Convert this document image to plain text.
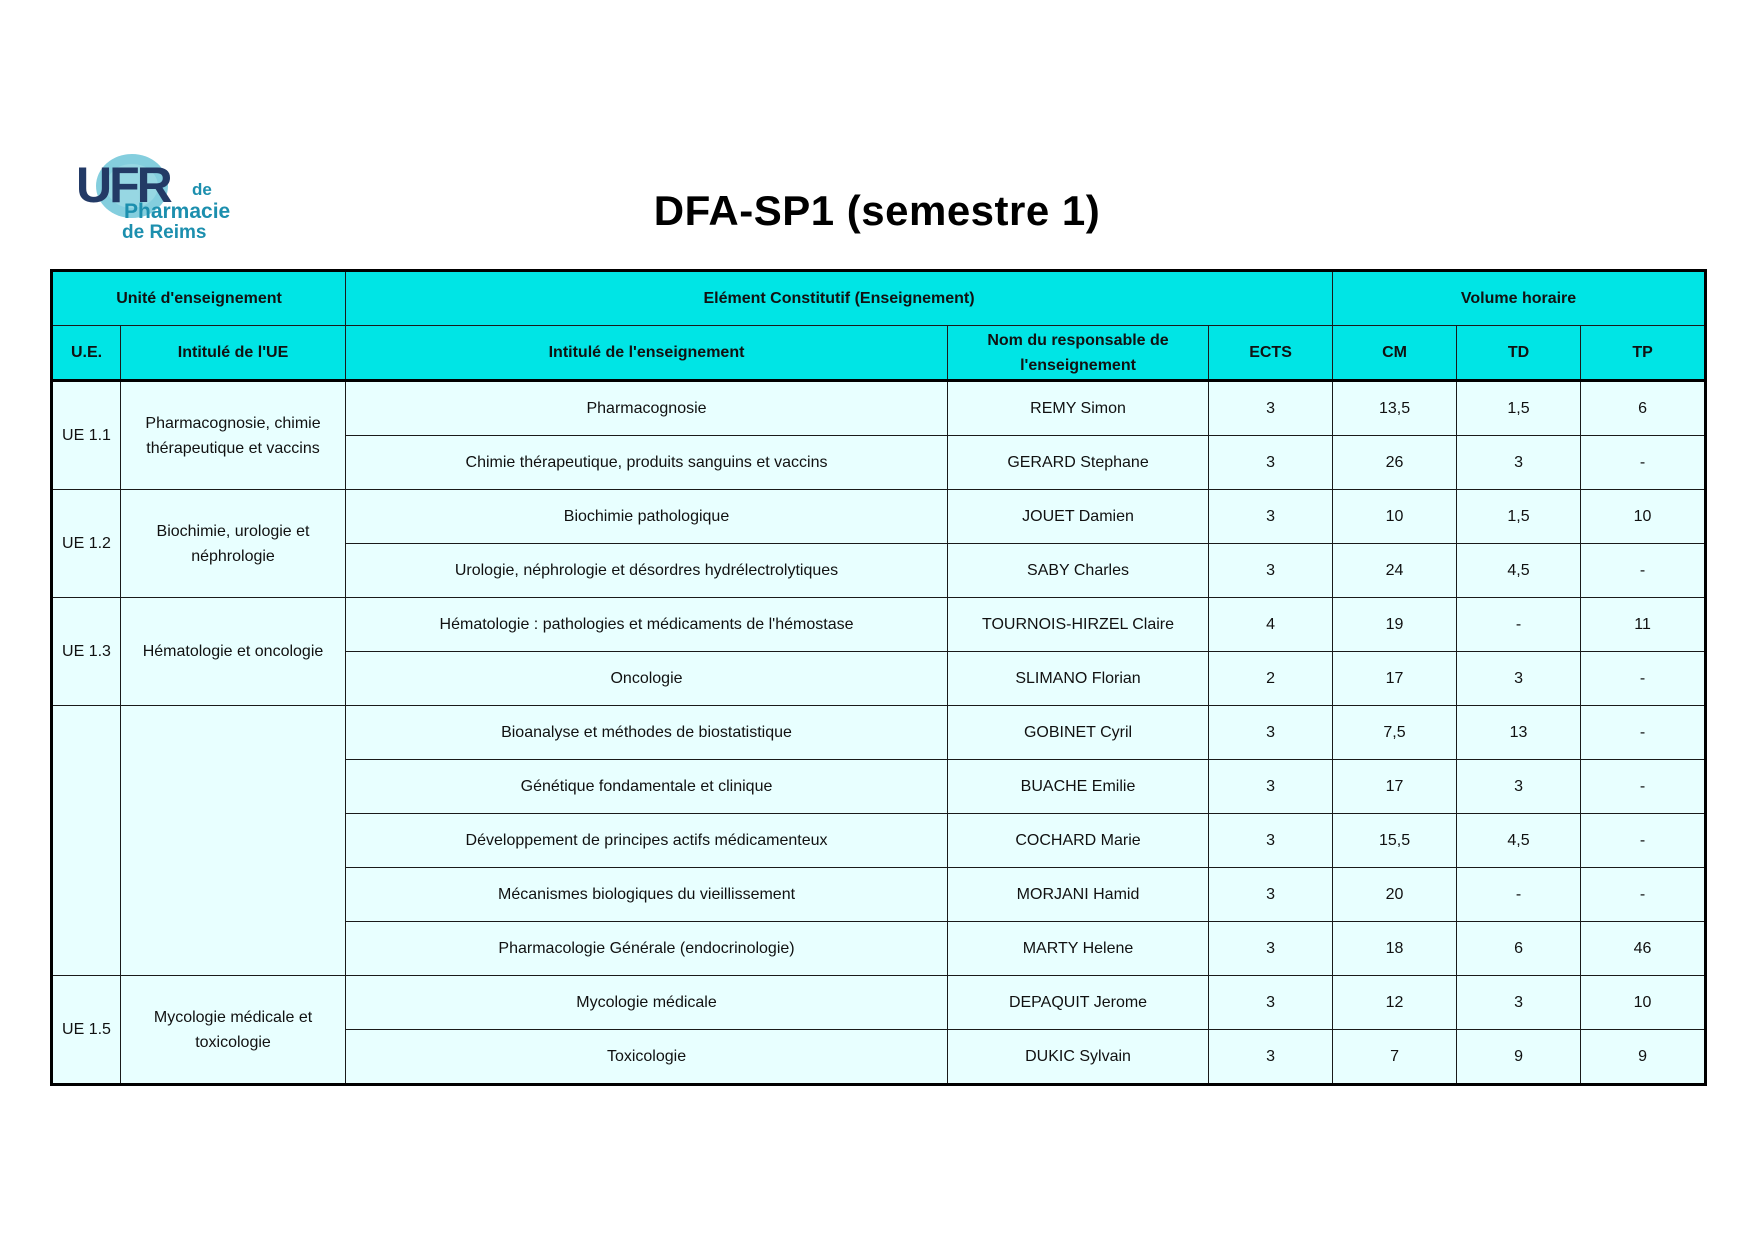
UFR de
Pharmacie
de Reims	DFA-SP1 (semestre 1)
Unité d'enseignement		Elément Constitutif (Enseignement)			Volume horaire		
U.E.	Intitulé de l'UE	Intitulé de l'enseignement	Nom du responsable de l'enseignement	ECTS	CM	TD	TP
UE 1.1	Pharmacognosie, chimie thérapeutique et vaccins	Pharmacognosie	REMY Simon	3	13,5	1,5	6
		Chimie thérapeutique, produits sanguins et vaccins	GERARD Stephane	3	26	3	-
UE 1.2	Biochimie, urologie et néphrologie	Biochimie pathologique	JOUET Damien	3	10	1,5	10
		Urologie, néphrologie et désordres hydrélectrolytiques	SABY Charles	3	24	4,5	-
UE 1.3	Hématologie et oncologie	Hématologie : pathologies et médicaments de l'hémostase	TOURNOIS-HIRZEL Claire	4	19	-	11
		Oncologie	SLIMANO Florian	2	17	3	-
		Bioanalyse et méthodes de biostatistique	GOBINET Cyril	3	7,5	13	-
		Génétique fondamentale et clinique	BUACHE Emilie	3	17	3	-
		Développement de principes actifs médicamenteux	COCHARD Marie	3	15,5	4,5	-
		Mécanismes biologiques du vieillissement	MORJANI Hamid	3	20	-	-
		Pharmacologie Générale (endocrinologie)	MARTY Helene	3	18	6	46
UE 1.5	Mycologie médicale et toxicologie	Mycologie médicale	DEPAQUIT Jerome	3	12	3	10
		Toxicologie	DUKIC Sylvain	3	7	9	9
